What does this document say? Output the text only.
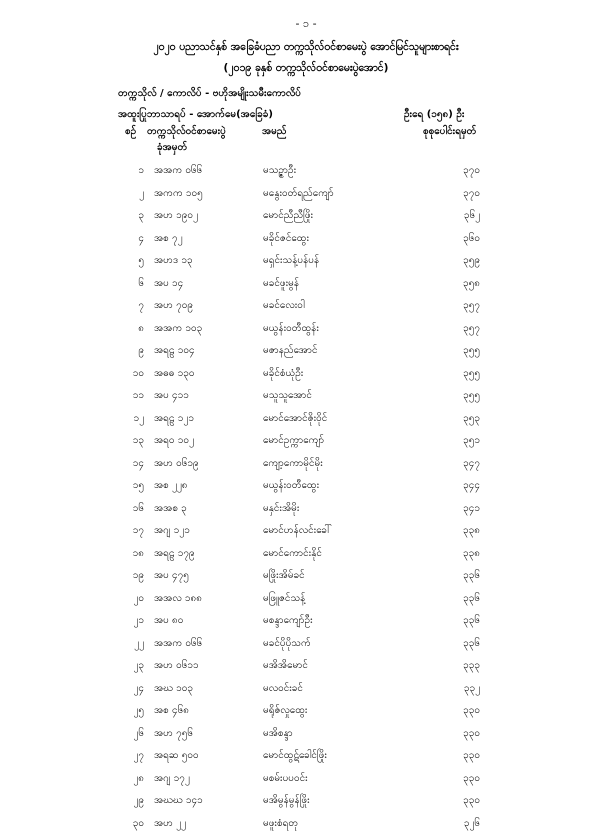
- ၁ -
၂၀၂၀ ပညာသင်နှစ် အခြေခံပညာ တက္ကသိုလ်ဝင်စာမေးပွဲ အောင်မြင်သူများစာရင်း
(၂၀၁၉ ခုနှစ် တက္ကသိုလ်ဝင်စာမေးပွဲအောင်)
တက္ကသိုလ် / ကောလိပ် - ဗဟိုအမျိုးသမီးကောလိပ်
အထူးပြုဘာသာရပ် - အောက်မေ(အခြေခံ)	ဦးရေ (၁၅၈) ဦး
စဉ် တက္ကသိုလ်ဝင်စာမေးပွဲ
ခုံအမှတ်
အမည်	စုစုပေါင်းရမှတ်
၁ အအက ၀၆၆	မသဉ္ဇာဦး	၃၇၀
၂ အကက ၁၀၅	မနွေးဝတ်ရည်ကျော်	၃၇၀
၃ အဟ ၁၉၀၂	မောင်ညီညီဖြိုး	၃၆၂
၄ အစ ၇၂	မခိုင်ဇင်ထွေး	၃၆၀
၅ အဟဒ ၁၃	မရှင်းသန့်ပန်ပန်	၃၅၉
၆ အပ ၁၄	မခင်ဖူးမွန်	၃၅၈
၇ အဟ ၇၀၉	မခင်လေးဝါ	၃၅၇
၈ အအက ၁၀၃	မယွန်းဝတီထွန်း	၃၅၇
၉ အရဠ ၁၀၄	မဇာနည်အောင်	၃၅၅
၁၀ အဓဓ ၁၃၀	မခိုင်စံယုံဦး	၃၅၅
၁၁ အပ ၄၁၁	မသူသူအောင်	၃၅၅
၁၂ အရဠ ၁၂၁	မောင်အောင်ဇိုးဝိုင်	၃၅၃
၁၃ အရဝ ၁၀၂	မောင်ဥက္ကာကျော်	၃၅၁
၁၄ အဟ ၀၆၁၉	ကျော့ကောမိုင်မိုး	၃၄၇
၁၅ အစ ၂၂၈	မယွန်းဝတီထွေး	၃၄၄
၁၆ အအစ ၃	မနှင်းအိမိုး	၃၄၁
၁၇ အဂျ ၁၂၁	မောင်ဟန်လင်းခေါ်	၃၃၈
၁၈ အရဠ ၁၇၉	မောင်ကောင်းနိုင်	၃၃၈
၁၉ အပ ၄၇၅	မဖြိုးအိမ်ခင်	၃၃၆
၂၀ အအလ ၁၈၈	မဖြူဇင်သန့်	၃၃၆
၂၁ အပ ၈၀	မစန္ဒာကျော်ဦး	၃၃၆
၂၂ အအက ၀၆၆	မခင်ပိုပိုသက်	၃၃၆
၂၃ အဟ ၀၆၁၁	မအိအိမောင်	၃၃၃
၂၄ အဃ ၁၀၃	မလဝင်းခင်	၃၃၂
၂၅ အစ ၄၆၈	မရိုဇ်လှုထွေး	၃၃၀
၂၆ အဟ ၇၅၆	မအိစန္ဒာ	၃၃၀
၂၇ အရဆ ၅၀၀	မောင်ထွဋ်ခေါင်ဖြိုး	၃၃၀
၂၈ အဂျ ၁၇၂	မစမ်းပပဝင်း	၃၃၀
၂၉ အဃဃ ၁၄၁	မအိမွန်မွန်ဖြိုး	၃၃၀
၃၀ အဟ ၂၂	မဖူးစံရတု	၃၂၆
